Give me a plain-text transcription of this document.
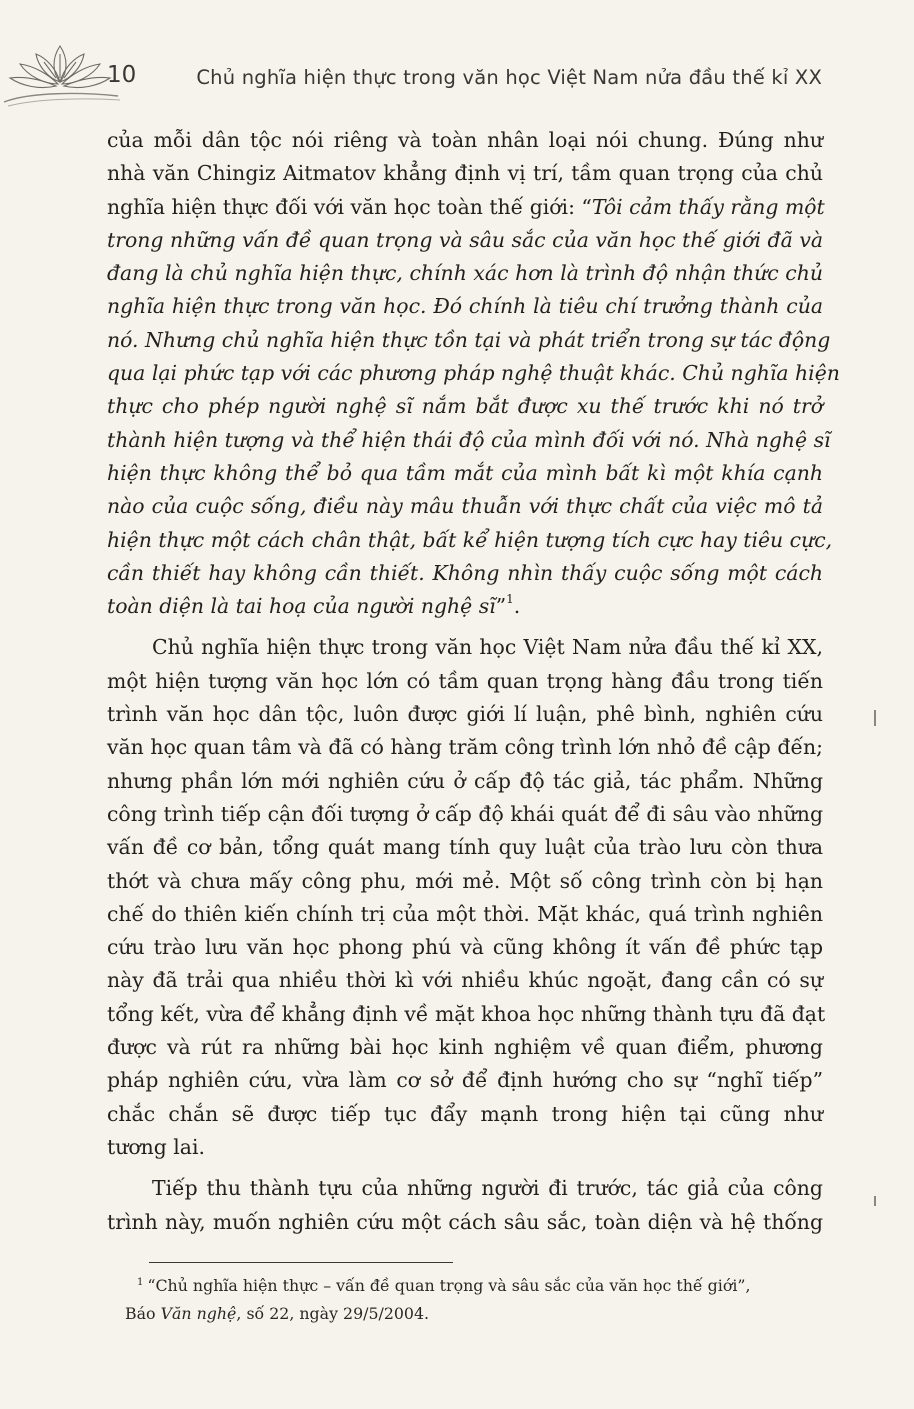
10	Chủ nghĩa hiện thực trong văn học Việt Nam nửa đầu thế kỉ XX
của mỗi dân tộc nói riêng và toàn nhân loại nói chung. Đúng như
nhà văn Chingiz Aitmatov khẳng định vị trí, tầm quan trọng của chủ
nghĩa hiện thực đối với văn học toàn thế giới: “Tôi cảm thấy rằng một
trong những vấn đề quan trọng và sâu sắc của văn học thế giới đã và
đang là chủ nghĩa hiện thực, chính xác hơn là trình độ nhận thức chủ
nghĩa hiện thực trong văn học. Đó chính là tiêu chí trưởng thành của
nó. Nhưng chủ nghĩa hiện thực tồn tại và phát triển trong sự tác động
qua lại phức tạp với các phương pháp nghệ thuật khác. Chủ nghĩa hiện
thực cho phép người nghệ sĩ nắm bắt được xu thế trước khi nó trở
thành hiện tượng và thể hiện thái độ của mình đối với nó. Nhà nghệ sĩ
hiện thực không thể bỏ qua tầm mắt của mình bất kì một khía cạnh
nào của cuộc sống, điều này mâu thuẫn với thực chất của việc mô tả
hiện thực một cách chân thật, bất kể hiện tượng tích cực hay tiêu cực,
cần thiết hay không cần thiết. Không nhìn thấy cuộc sống một cách
toàn diện là tai hoạ của người nghệ sĩ”$^1$.
Chủ nghĩa hiện thực trong văn học Việt Nam nửa đầu thế kỉ XX,
một hiện tượng văn học lớn có tầm quan trọng hàng đầu trong tiến
trình văn học dân tộc, luôn được giới lí luận, phê bình, nghiên cứu
văn học quan tâm và đã có hàng trăm công trình lớn nhỏ đề cập đến;
nhưng phần lớn mới nghiên cứu ở cấp độ tác giả, tác phẩm. Những
công trình tiếp cận đối tượng ở cấp độ khái quát để đi sâu vào những
vấn đề cơ bản, tổng quát mang tính quy luật của trào lưu còn thưa
thớt và chưa mấy công phu, mới mẻ. Một số công trình còn bị hạn
chế do thiên kiến chính trị của một thời. Mặt khác, quá trình nghiên
cứu trào lưu văn học phong phú và cũng không ít vấn đề phức tạp
này đã trải qua nhiều thời kì với nhiều khúc ngoặt, đang cần có sự
tổng kết, vừa để khẳng định về mặt khoa học những thành tựu đã đạt
được và rút ra những bài học kinh nghiệm về quan điểm, phương
pháp nghiên cứu, vừa làm cơ sở để định hướng cho sự “nghĩ tiếp”
chắc chắn sẽ được tiếp tục đẩy mạnh trong hiện tại cũng như
tương lai.
Tiếp thu thành tựu của những người đi trước, tác giả của công
trình này, muốn nghiên cứu một cách sâu sắc, toàn diện và hệ thống
$^1$ “Chủ nghĩa hiện thực – vấn đề quan trọng và sâu sắc của văn học thế giới”,
Báo Văn nghệ, số 22, ngày 29/5/2004.
